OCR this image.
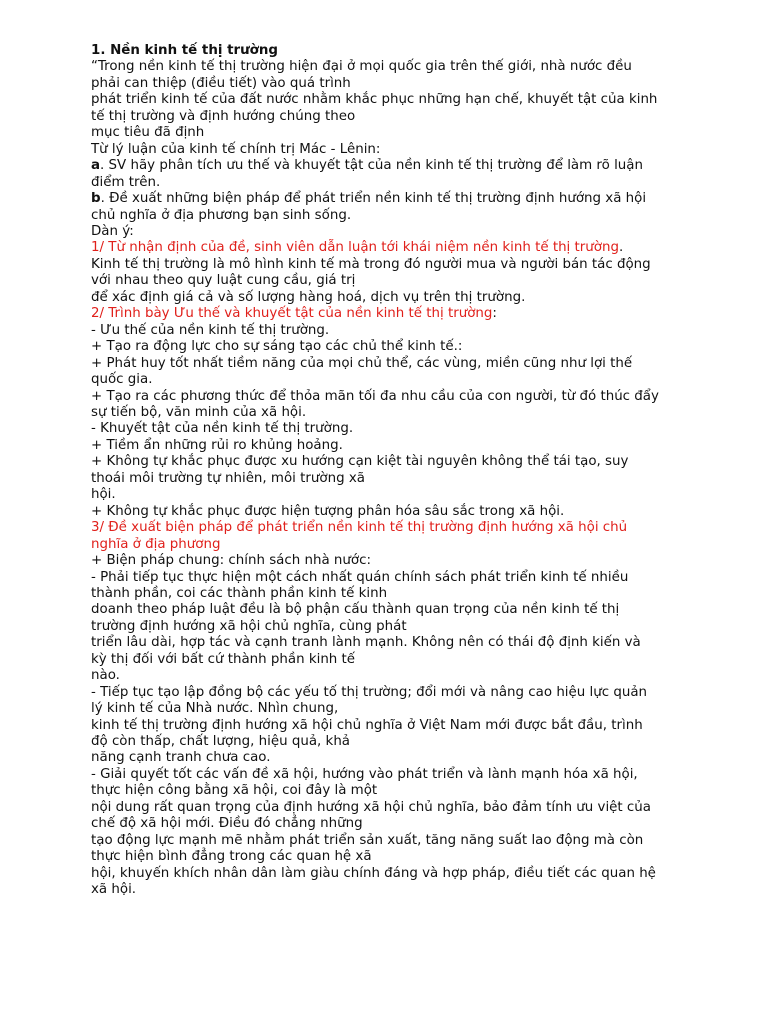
1. Nền kinh tế thị trường
“Trong nền kinh tế thị trường hiện đại ở mọi quốc gia trên thế giới, nhà nước đều
phải can thiệp (điều tiết) vào quá trình
phát triển kinh tế của đất nước nhằm khắc phục những hạn chế, khuyết tật của kinh
tế thị trường và định hướng chúng theo
mục tiêu đã định
Từ lý luận của kinh tế chính trị Mác - Lênin:
a. SV hãy phân tích ưu thế và khuyết tật của nền kinh tế thị trường để làm rõ luận
điểm trên.
b. Đề xuất những biện pháp để phát triển nền kinh tế thị trường định hướng xã hội
chủ nghĩa ở địa phương bạn sinh sống.
Dàn ý:
1/ Từ nhận định của đề, sinh viên dẫn luận tới khái niệm nền kinh tế thị trường.
Kinh tế thị trường là mô hình kinh tế mà trong đó người mua và người bán tác động
với nhau theo quy luật cung cầu, giá trị
để xác định giá cả và số lượng hàng hoá, dịch vụ trên thị trường.
2/ Trình bày Ưu thế và khuyết tật của nền kinh tế thị trường:
- Ưu thế của nền kinh tế thị trường.
+ Tạo ra động lực cho sự sáng tạo các chủ thể kinh tế.:
+ Phát huy tốt nhất tiềm năng của mọi chủ thể, các vùng, miền cũng như lợi thế
quốc gia.
+ Tạo ra các phương thức để thỏa mãn tối đa nhu cầu của con người, từ đó thúc đẩy
sự tiến bộ, văn minh của xã hội.
- Khuyết tật của nền kinh tế thị trường.
+ Tiềm ẩn những rủi ro khủng hoảng.
+ Không tự khắc phục được xu hướng cạn kiệt tài nguyên không thể tái tạo, suy
thoái môi trường tự nhiên, môi trường xã
hội.
+ Không tự khắc phục được hiện tượng phân hóa sâu sắc trong xã hội.
3/ Đề xuất biện pháp để phát triển nền kinh tế thị trường định hướng xã hội chủ
nghĩa ở địa phương
+ Biện pháp chung: chính sách nhà nước:
- Phải tiếp tục thực hiện một cách nhất quán chính sách phát triển kinh tế nhiều
thành phần, coi các thành phần kinh tế kinh
doanh theo pháp luật đều là bộ phận cấu thành quan trọng của nền kinh tế thị
trường định hướng xã hội chủ nghĩa, cùng phát
triển lâu dài, hợp tác và cạnh tranh lành mạnh. Không nên có thái độ định kiến và
kỳ thị đối với bất cứ thành phần kinh tế
nào.
- Tiếp tục tạo lập đồng bộ các yếu tố thị trường; đổi mới và nâng cao hiệu lực quản
lý kinh tế của Nhà nước. Nhìn chung,
kinh tế thị trường định hướng xã hội chủ nghĩa ở Việt Nam mới được bắt đầu, trình
độ còn thấp, chất lượng, hiệu quả, khả
năng cạnh tranh chưa cao.
- Giải quyết tốt các vấn đề xã hội, hướng vào phát triển và lành mạnh hóa xã hội,
thực hiện công bằng xã hội, coi đây là một
nội dung rất quan trọng của định hướng xã hội chủ nghĩa, bảo đảm tính ưu việt của
chế độ xã hội mới. Điều đó chẳng những
tạo động lực mạnh mẽ nhằm phát triển sản xuất, tăng năng suất lao động mà còn
thực hiện bình đẳng trong các quan hệ xã
hội, khuyến khích nhân dân làm giàu chính đáng và hợp pháp, điều tiết các quan hệ
xã hội.
